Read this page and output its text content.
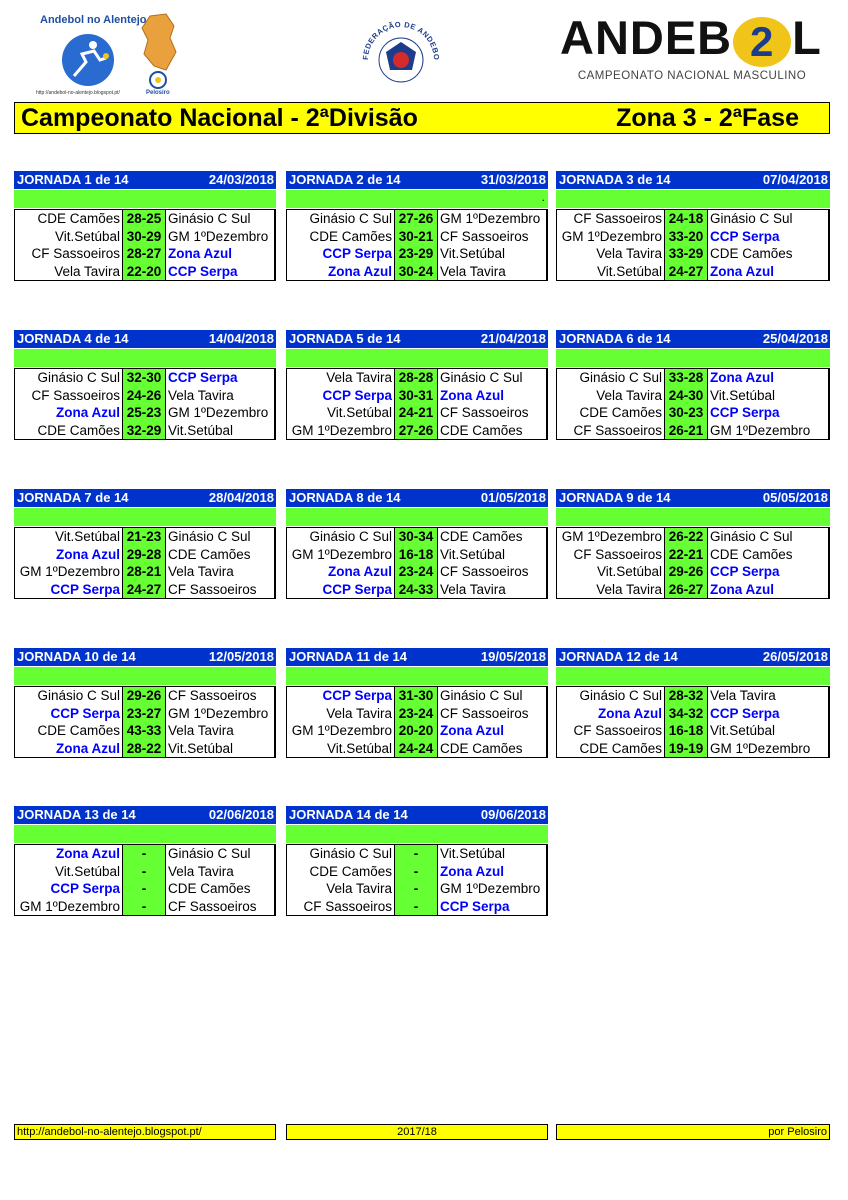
Andebol no Alentejo
Pelosiro
http://andebol-no-alentejo.blogspot.pt/
FEDERAÇÃO DE ANDEBO	ANDEB 2 L
CAMPEONATO NACIONAL MASCULINO
Campeonato Nacional - 2ªDivisão	Zona 3 - 2ªFase
JORNADA 1 de 14	24/03/2018
CDE Camões 28-25 Ginásio C Sul
Vit.Setúbal 30-29 GM 1ºDezembro
CF Sassoeiros 28-27 Zona Azul
Vela Tavira 22-20 CCP Serpa
JORNADA 2 de 14	31/03/2018
.
Ginásio C Sul 27-26 GM 1ºDezembro
CDE Camões 30-21 CF Sassoeiros
CCP Serpa 23-29 Vit.Setúbal
Zona Azul 30-24 Vela Tavira
JORNADA 3 de 14	07/04/2018
CF Sassoeiros 24-18 Ginásio C Sul
GM 1ºDezembro 33-20 CCP Serpa
Vela Tavira 33-29 CDE Camões
Vit.Setúbal 24-27 Zona Azul
JORNADA 4 de 14	14/04/2018
Ginásio C Sul 32-30 CCP Serpa
CF Sassoeiros 24-26 Vela Tavira
Zona Azul 25-23 GM 1ºDezembro
CDE Camões 32-29 Vit.Setúbal
JORNADA 5 de 14	21/04/2018
Vela Tavira 28-28 Ginásio C Sul
CCP Serpa 30-31 Zona Azul
Vit.Setúbal 24-21 CF Sassoeiros
GM 1ºDezembro 27-26 CDE Camões
JORNADA 6 de 14	25/04/2018
Ginásio C Sul 33-28 Zona Azul
Vela Tavira 24-30 Vit.Setúbal
CDE Camões 30-23 CCP Serpa
CF Sassoeiros 26-21 GM 1ºDezembro
JORNADA 7 de 14	28/04/2018
Vit.Setúbal 21-23 Ginásio C Sul
Zona Azul 29-28 CDE Camões
GM 1ºDezembro 28-21 Vela Tavira
CCP Serpa 24-27 CF Sassoeiros
JORNADA 8 de 14	01/05/2018
Ginásio C Sul 30-34 CDE Camões
GM 1ºDezembro 16-18 Vit.Setúbal
Zona Azul 23-24 CF Sassoeiros
CCP Serpa 24-33 Vela Tavira
JORNADA 9 de 14	05/05/2018
GM 1ºDezembro 26-22 Ginásio C Sul
CF Sassoeiros 22-21 CDE Camões
Vit.Setúbal 29-26 CCP Serpa
Vela Tavira 26-27 Zona Azul
JORNADA 10 de 14	12/05/2018
Ginásio C Sul 29-26 CF Sassoeiros
CCP Serpa 23-27 GM 1ºDezembro
CDE Camões 43-33 Vela Tavira
Zona Azul 28-22 Vit.Setúbal
JORNADA 11 de 14	19/05/2018
CCP Serpa 31-30 Ginásio C Sul
Vela Tavira 23-24 CF Sassoeiros
GM 1ºDezembro 20-20 Zona Azul
Vit.Setúbal 24-24 CDE Camões
JORNADA 12 de 14	26/05/2018
Ginásio C Sul 28-32 Vela Tavira
Zona Azul 34-32 CCP Serpa
CF Sassoeiros 16-18 Vit.Setúbal
CDE Camões 19-19 GM 1ºDezembro
JORNADA 13 de 14	02/06/2018
Zona Azul	-	Ginásio C Sul
Vit.Setúbal	-	Vela Tavira
CCP Serpa	-	CDE Camões
GM 1ºDezembro	-	CF Sassoeiros
JORNADA 14 de 14	09/06/2018
Ginásio C Sul	-	Vit.Setúbal
CDE Camões	-	Zona Azul
Vela Tavira	-	GM 1ºDezembro
CF Sassoeiros	-	CCP Serpa
http://andebol-no-alentejo.blogspot.pt/	2017/18	por Pelosiro
